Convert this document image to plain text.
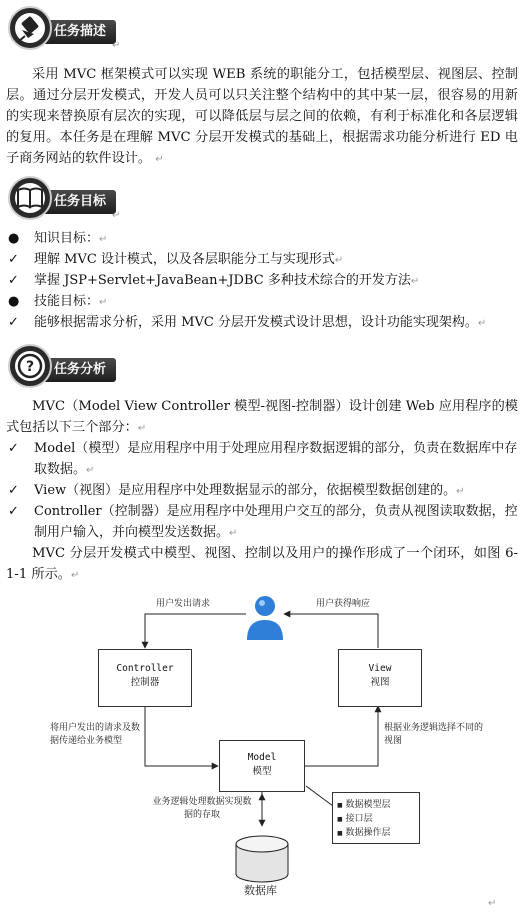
任务描述
↵
采用 MVC 框架模式可以实现 WEB 系统的职能分工，包括模型层、视图层、控制层。通过分层开发模式，开发人员可以只关注整个结构中的其中某一层，很容易的用新的实现来替换原有层次的实现，可以降低层与层之间的依赖，有利于标准化和各层逻辑的复用。本任务是在理解 MVC 分层开发模式的基础上，根据需求功能分析进行 ED 电子商务网站的软件设计。 ↵
任务目标
↵
●	知识目标：↵
✓	理解 MVC 设计模式，以及各层职能分工与实现形式↵
✓	掌握 JSP+Servlet+JavaBean+JDBC 多种技术综合的开发方法↵
●	技能目标：↵
✓	能够根据需求分析，采用 MVC 分层开发模式设计思想，设计功能实现架构。↵
任务分析
?
MVC（Model View Controller 模型-视图-控制器）设计创建 Web 应用程序的模式包括以下三个部分：↵
✓	Model（模型）是应用程序中用于处理应用程序数据逻辑的部分，负责在数据库中存取数据。↵
✓	View（视图）是应用程序中处理数据显示的部分，依据模型数据创建的。↵
✓	Controller（控制器）是应用程序中处理用户交互的部分，负责从视图读取数据，控制用户输入，并向模型发送数据。↵
MVC 分层开发模式中模型、视图、控制以及用户的操作形成了一个闭环，如图 6-1-1 所示。↵
Controller
控制器
View
视图
Model
模型
用户发出请求	用户获得响应
将用户发出的请求及数据传递给业务模型
根据业务逻辑选择不同的视图
业务逻辑处理数据实现数据的存取
■ 数据模型层
■ 接口层
■ 数据操作层
数据库
↵
